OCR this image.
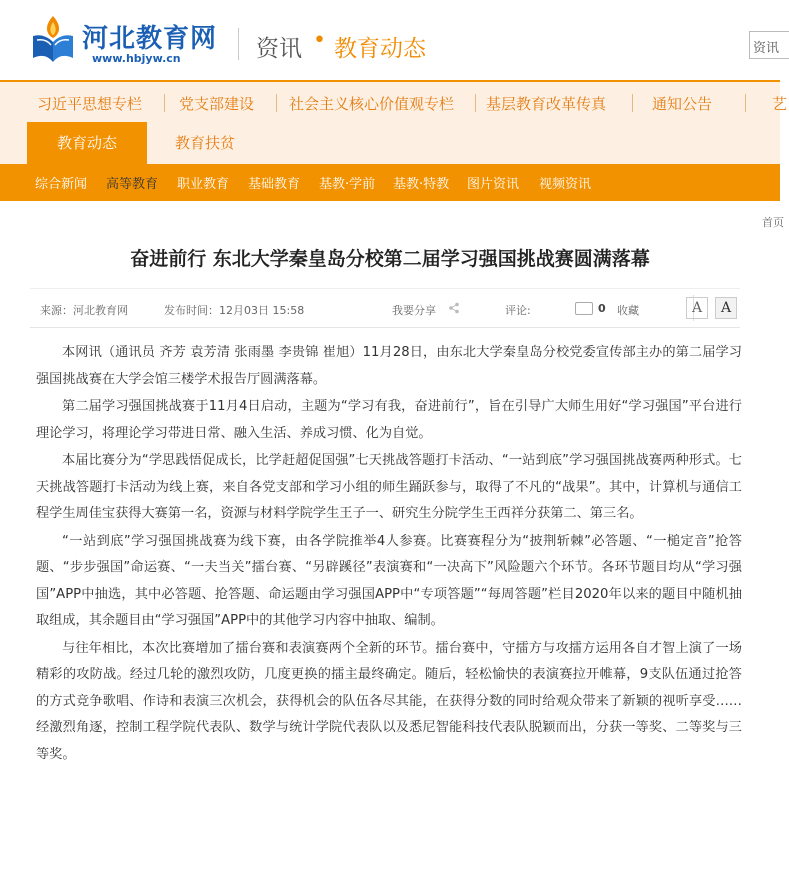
河北教育网
www.hbjyw.cn	资讯 • 教育动态	资讯
习近平思想专栏 党支部建设 社会主义核心价值观专栏 基层教育改革传真	通知公告	艺
教育动态	教育扶贫
综合新闻 高等教育 职业教育 基础教育 基教·学前 基教·特教 图片资讯 视频资讯
首页
奋进前行 东北大学秦皇岛分校第二届学习强国挑战赛圆满落幕
来源：河北教育网	发布时间：12月03日 15:58	我要分享	评论:	0 收藏	A	A

本网讯（通讯员 齐芳 袁芳清 张雨墨 李贵锦 崔旭）11月28日，由东北大学秦皇岛分校党委宣传部主办的第二届学习强国挑战赛在大学会馆三楼学术报告厅圆满落幕。

第二届学习强国挑战赛于11月4日启动，主题为“学习有我，奋进前行”，旨在引导广大师生用好“学习强国”平台进行理论学习，将理论学习带进日常、融入生活、养成习惯、化为自觉。

本届比赛分为“学思践悟促成长，比学赶超促国强”七天挑战答题打卡活动、“一站到底”学习强国挑战赛两种形式。七天挑战答题打卡活动为线上赛，来自各党支部和学习小组的师生踊跃参与，取得了不凡的“战果”。其中，计算机与通信工程学生周佳宝获得大赛第一名，资源与材料学院学生王子一、研究生分院学生王西祥分获第二、第三名。

“一站到底”学习强国挑战赛为线下赛，由各学院推举4人参赛。比赛赛程分为“披荆斩棘”必答题、“一槌定音”抢答题、“步步强国”命运赛、“一夫当关”擂台赛、“另辟蹊径”表演赛和“一决高下”风险题六个环节。各环节题目均从“学习强国”APP中抽选，其中必答题、抢答题、命运题由学习强国APP中“专项答题”“每周答题”栏目2020年以来的题目中随机抽取组成，其余题目由“学习强国”APP中的其他学习内容中抽取、编制。

与往年相比，本次比赛增加了擂台赛和表演赛两个全新的环节。擂台赛中，守擂方与攻擂方运用各自才智上演了一场精彩的攻防战。经过几轮的激烈攻防，几度更换的擂主最终确定。随后，轻松愉快的表演赛拉开帷幕，9支队伍通过抢答的方式竞争歌唱、作诗和表演三次机会，获得机会的队伍各尽其能，在获得分数的同时给观众带来了新颖的视听享受……经激烈角逐，控制工程学院代表队、数学与统计学院代表队以及悉尼智能科技代表队脱颖而出，分获一等奖、二等奖与三等奖。
